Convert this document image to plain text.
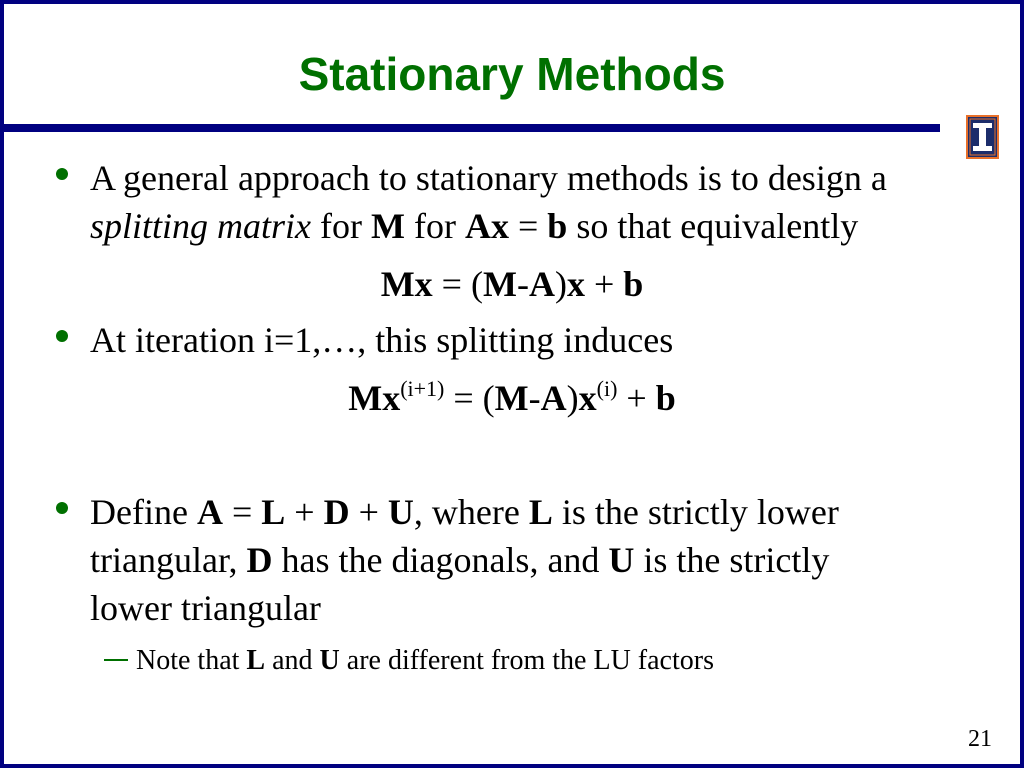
Stationary Methods
A general approach to stationary methods is to design a
splitting matrix for M for Ax = b so that equivalently
Mx = (M-A)x + b
At iteration i=1,…, this splitting induces
$Mx^{(i+1)} = (M-A)x^{(i)} + b$
Define A = L + D + U, where L is the strictly lower
triangular, D has the diagonals, and U is the strictly
lower triangular
Note that L and U are different from the LU factors
21
